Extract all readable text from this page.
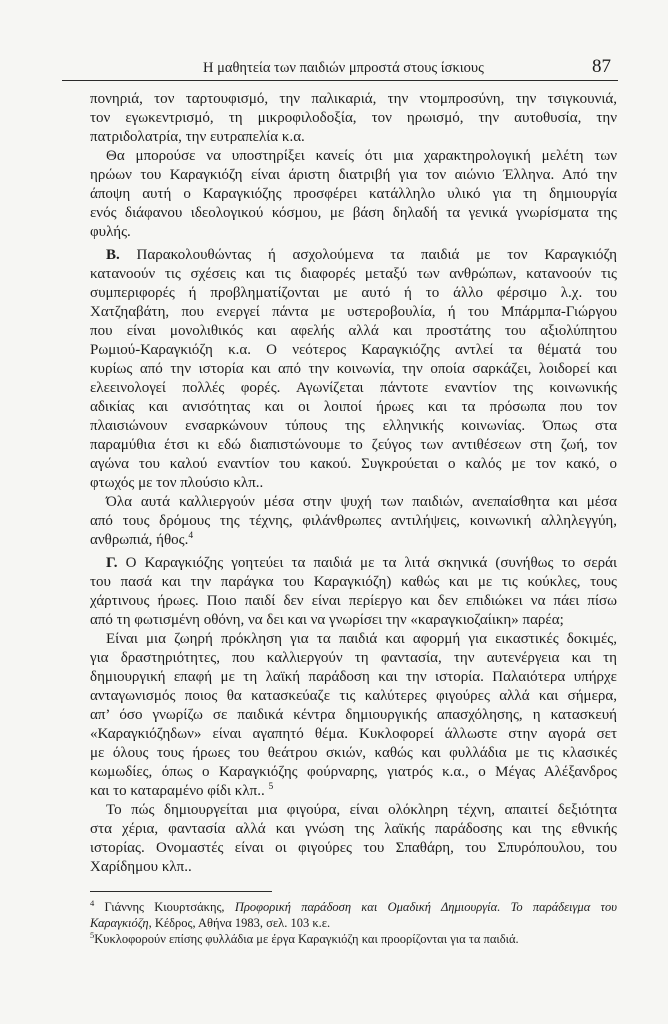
Η μαθητεία των παιδιών μπροστά στους ίσκιους	87
πονηριά, τον ταρτουφισμό, την παλικαριά, την ντομπροσύνη, την τσιγκουνιά,
τον εγωκεντρισμό, τη μικροφιλοδοξία, τον ηρωισμό, την αυτοθυσία, την
πατριδολατρία, την ευτραπελία κ.α.
Θα μπορούσε να υποστηρίξει κανείς ότι μια χαρακτηρολογική μελέτη των
ηρώων του Καραγκιόζη είναι άριστη διατριβή για τον αιώνιο Έλληνα. Από την
άποψη αυτή ο Καραγκιόζης προσφέρει κατάλληλο υλικό για τη δημιουργία
ενός διάφανου ιδεολογικού κόσμου, με βάση δηλαδή τα γενικά γνωρίσματα της
φυλής.
Β. Παρακολουθώντας ή ασχολούμενα τα παιδιά με τον Καραγκιόζη
κατανοούν τις σχέσεις και τις διαφορές μεταξύ των ανθρώπων, κατανοούν τις
συμπεριφορές ή προβληματίζονται με αυτό ή το άλλο φέρσιμο λ.χ. του
Χατζηαβάτη, που ενεργεί πάντα με υστεροβουλία, ή του Μπάρμπα-Γιώργου
που είναι μονολιθικός και αφελής αλλά και προστάτης του αξιολύπητου
Ρωμιού-Καραγκιόζη κ.α. Ο νεότερος Καραγκιόζης αντλεί τα θέματά του
κυρίως από την ιστορία και από την κοινωνία, την οποία σαρκάζει, λοιδορεί και
ελεεινολογεί πολλές φορές. Αγωνίζεται πάντοτε εναντίον της κοινωνικής
αδικίας και ανισότητας και οι λοιποί ήρωες και τα πρόσωπα που τον
πλαισιώνουν ενσαρκώνουν τύπους της ελληνικής κοινωνίας. Όπως στα
παραμύθια έτσι κι εδώ διαπιστώνουμε το ζεύγος των αντιθέσεων στη ζωή, τον
αγώνα του καλού εναντίον του κακού. Συγκρούεται ο καλός με τον κακό, ο
φτωχός με τον πλούσιο κλπ..
Όλα αυτά καλλιεργούν μέσα στην ψυχή των παιδιών, ανεπαίσθητα και μέσα
από τους δρόμους της τέχνης, φιλάνθρωπες αντιλήψεις, κοινωνική αλληλεγγύη,
ανθρωπιά, ήθος.$^4$
Γ. Ο Καραγκιόζης γοητεύει τα παιδιά με τα λιτά σκηνικά (συνήθως το σεράι
του πασά και την παράγκα του Καραγκιόζη) καθώς και με τις κούκλες, τους
χάρτινους ήρωες. Ποιο παιδί δεν είναι περίεργο και δεν επιδιώκει να πάει πίσω
από τη φωτισμένη οθόνη, να δει και να γνωρίσει την «καραγκιοζαίικη» παρέα;
Είναι μια ζωηρή πρόκληση για τα παιδιά και αφορμή για εικαστικές δοκιμές,
για δραστηριότητες, που καλλιεργούν τη φαντασία, την αυτενέργεια και τη
δημιουργική επαφή με τη λαϊκή παράδοση και την ιστορία. Παλαιότερα υπήρχε
ανταγωνισμός ποιος θα κατασκεύαζε τις καλύτερες φιγούρες αλλά και σήμερα,
απ’ όσο γνωρίζω σε παιδικά κέντρα δημιουργικής απασχόλησης, η κατασκευή
«Καραγκιόζηδων» είναι αγαπητό θέμα. Κυκλοφορεί άλλωστε στην αγορά σετ
με όλους τους ήρωες του θεάτρου σκιών, καθώς και φυλλάδια με τις κλασικές
κωμωδίες, όπως ο Καραγκιόζης φούρναρης, γιατρός κ.α., ο Μέγας Αλέξανδρος
και το καταραμένο φίδι κλπ.. $^5$
Το πώς δημιουργείται μια φιγούρα, είναι ολόκληρη τέχνη, απαιτεί δεξιότητα
στα χέρια, φαντασία αλλά και γνώση της λαϊκής παράδοσης και της εθνικής
ιστορίας. Ονομαστές είναι οι φιγούρες του Σπαθάρη, του Σπυρόπουλου, του
Χαρίδημου κλπ..
$^4$ Γιάννης Κιουρτσάκης, Προφορική παράδοση και Ομαδική Δημιουργία. Το παράδειγμα του
Καραγκιόζη, Κέδρος, Αθήνα 1983, σελ. 103 κ.ε.
$^5$Κυκλοφορούν επίσης φυλλάδια με έργα Καραγκιόζη και προορίζονται για τα παιδιά.
